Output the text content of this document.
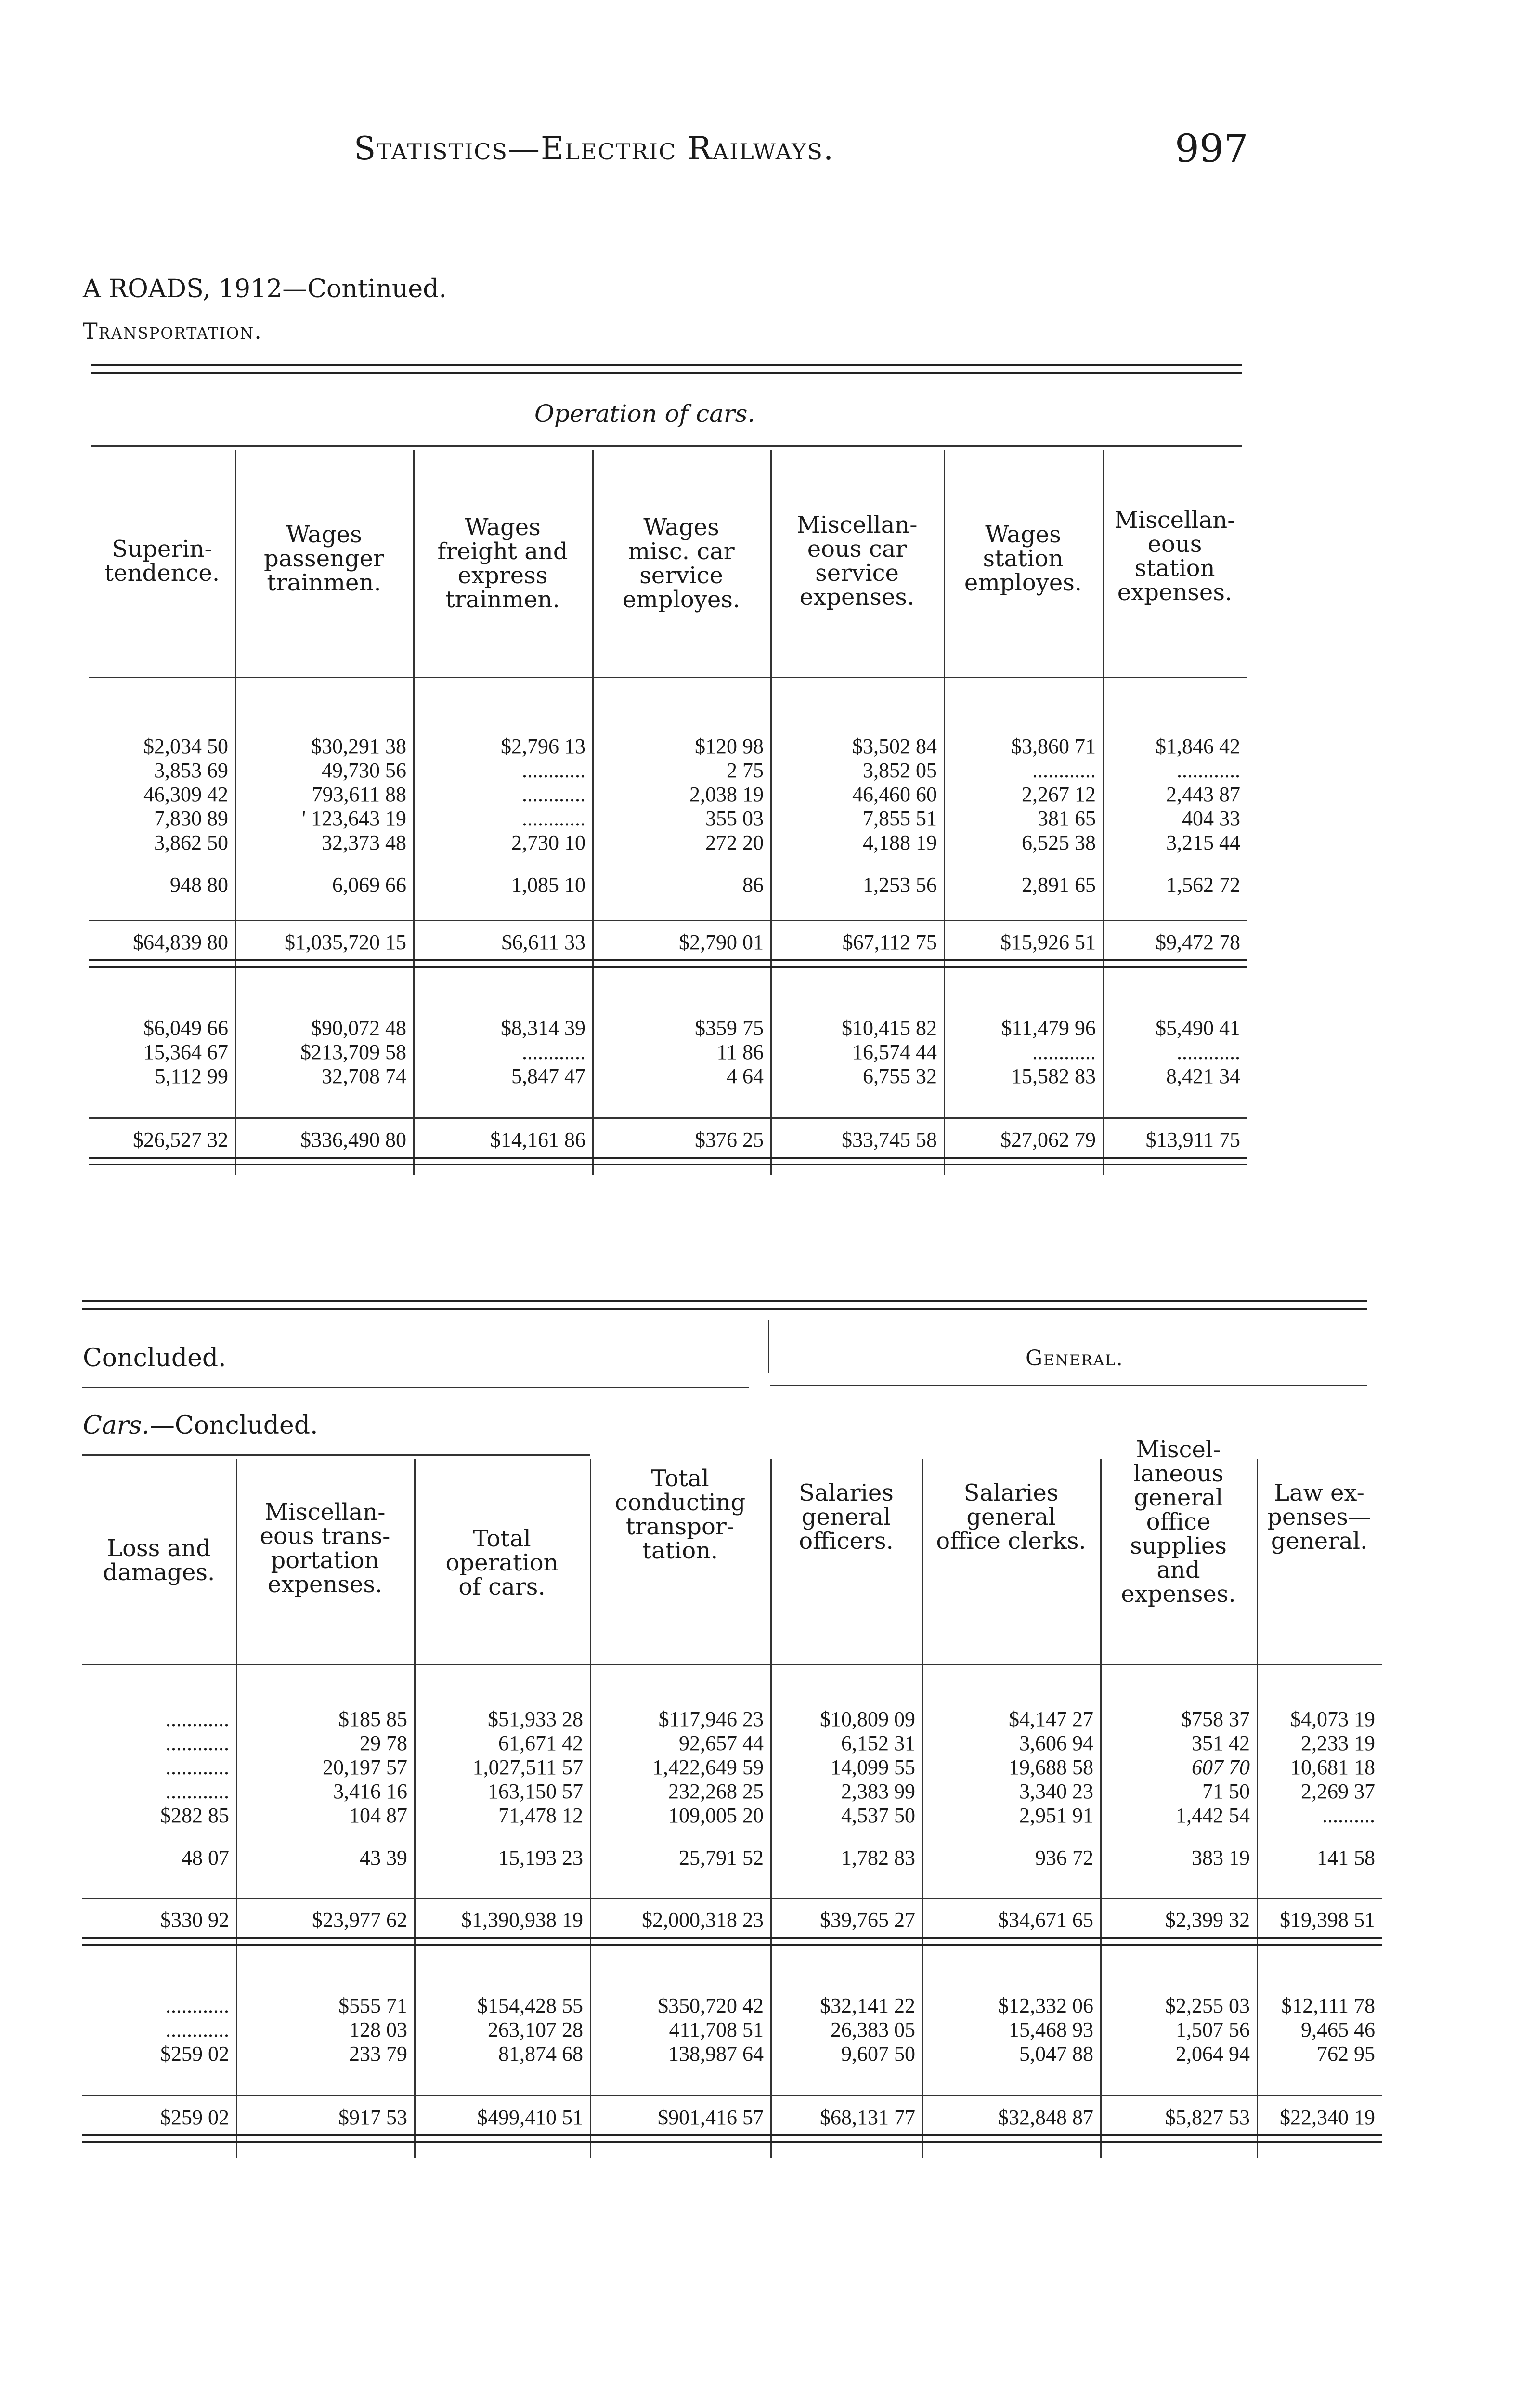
Statistics—Electric Railways.	997
A ROADS, 1912—Continued.
Transportation.
Operation of cars.
Superin-
tendence.
$2,034 50
3,853 69
46,309 42
7,830 89
3,862 50
948 80
$64,839 80
$6,049 66
15,364 67
5,112 99
$26,527 32
Wages
passenger
trainmen.
$30,291 38
49,730 56
793,611 88
' 123,643 19
32,373 48
6,069 66
$1,035,720 15
$90,072 48
$213,709 58
32,708 74
$336,490 80
Wages
freight and
express
trainmen.
$2,796 13
............
............
............
2,730 10
1,085 10
$6,611 33
$8,314 39
............
5,847 47
$14,161 86
Wages
misc. car
service
employes.
$120 98
2 75
2,038 19
355 03
272 20
86
$2,790 01
$359 75
11 86
4 64
$376 25
Miscellan-
eous car
service
expenses.
$3,502 84
3,852 05
46,460 60
7,855 51
4,188 19
1,253 56
$67,112 75
$10,415 82
16,574 44
6,755 32
$33,745 58
Wages
station
employes.
$3,860 71
............
2,267 12
381 65
6,525 38
2,891 65
$15,926 51
$11,479 96
............
15,582 83
$27,062 79
Miscellan-
eous
station
expenses.
$1,846 42
............
2,443 87
404 33
3,215 44
1,562 72
$9,472 78
$5,490 41
............
8,421 34
$13,911 75
Concluded.	General.
Cars.—Concluded.
Loss and
damages.
............
............
............
............
$282 85
48 07
$330 92
............
............
$259 02
$259 02
Miscellan-
eous trans-
portation
expenses.
$185 85
29 78
20,197 57
3,416 16
104 87
43 39
$23,977 62
$555 71
128 03
233 79
$917 53
Total
operation
of cars.
$51,933 28
61,671 42
1,027,511 57
163,150 57
71,478 12
15,193 23
$1,390,938 19
$154,428 55
263,107 28
81,874 68
$499,410 51
Total
conducting
transpor-
tation.
$117,946 23
92,657 44
1,422,649 59
232,268 25
109,005 20
25,791 52
$2,000,318 23
$350,720 42
411,708 51
138,987 64
$901,416 57
Salaries
general
officers.
$10,809 09
6,152 31
14,099 55
2,383 99
4,537 50
1,782 83
$39,765 27
$32,141 22
26,383 05
9,607 50
$68,131 77
Salaries
general
office clerks.
$4,147 27
3,606 94
19,688 58
3,340 23
2,951 91
936 72
$34,671 65
$12,332 06
15,468 93
5,047 88
$32,848 87
Miscel-
laneous
general
office
supplies
and
expenses.
$758 37
351 42
607 70
71 50
1,442 54
383 19
$2,399 32
$2,255 03
1,507 56
2,064 94
$5,827 53
Law ex-
penses—
general.
$4,073 19
2,233 19
10,681 18
2,269 37
..........
141 58
$19,398 51
$12,111 78
9,465 46
762 95
$22,340 19
